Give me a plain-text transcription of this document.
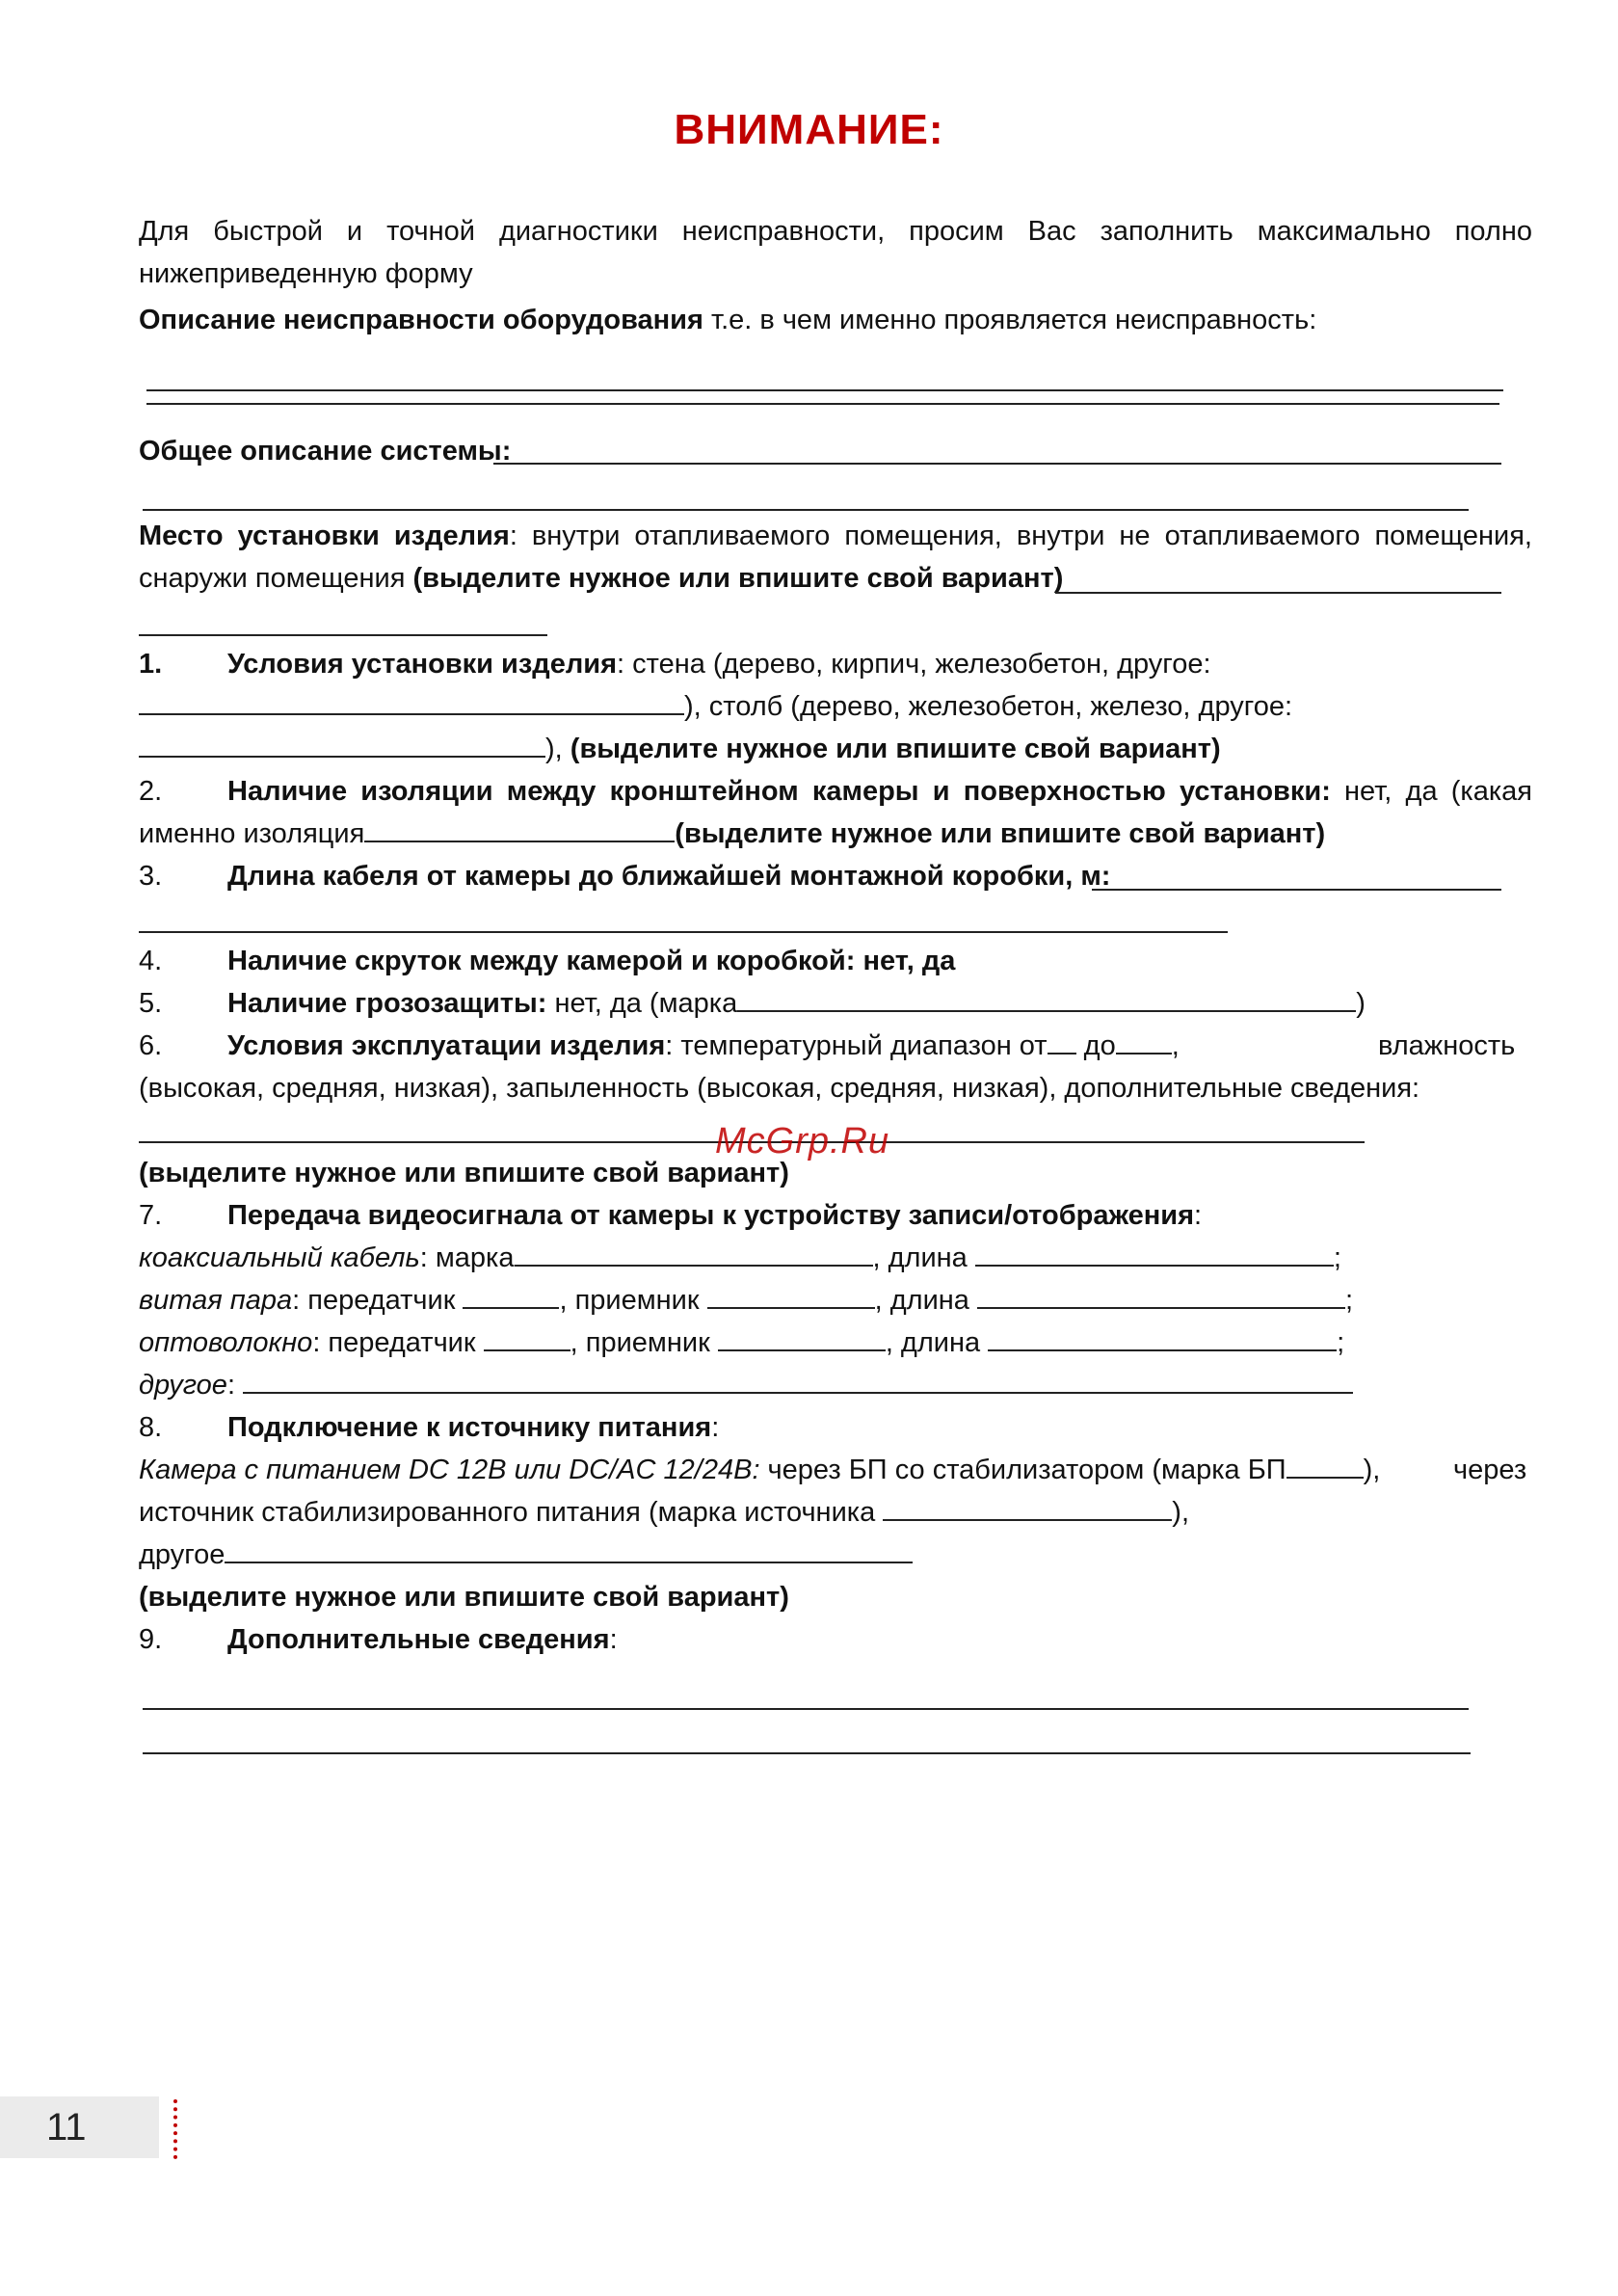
ВНИМАНИЕ:
Для быстрой и точной диагностики неисправности, просим Вас заполнить максимально полно
нижеприведенную форму
Описание неисправности оборудования т.е. в чем именно проявляется неисправность:
Общее описание системы:
Место установки изделия: внутри отапливаемого помещения, внутри не отапливаемого помещения,
снаружи помещения (выделите нужное или впишите свой вариант)
1. Условия установки изделия: стена (дерево, кирпич, железобетон, другое:
), столб (дерево, железобетон, железо, другое:
), (выделите нужное или впишите свой вариант)
2. Наличие изоляции между кронштейном камеры и поверхностью установки: нет, да (какая
именно изоляция	(выделите нужное или впишите свой вариант)
3. Длина кабеля от камеры до ближайшей монтажной коробки, м:
4. Наличие скруток между камерой и коробкой: нет, да
5. Наличие грозозащиты: нет, да (марка	)
6. Условия эксплуатации изделия: температурный диапазон от до ,	влажность
(высокая, средняя, низкая), запыленность (высокая, средняя, низкая), дополнительные сведения:
(выделите нужное или впишите свой вариант)
7. Передача видеосигнала от камеры к устройству записи/отображения:
коаксиальный кабель: марка	, длина	;
витая пара: передатчик	, приемник	, длина	;
оптоволокно: передатчик	, приемник	, длина	;
другое:
8. Подключение к источнику питания:
Камера с питанием DC 12В или DC/AC 12/24В: через БП со стабилизатором (марка БП	),	через
источник стабилизированного питания (марка источника	),
другое
(выделите нужное или впишите свой вариант)
9. Дополнительные сведения:
McGrp.Ru
11
